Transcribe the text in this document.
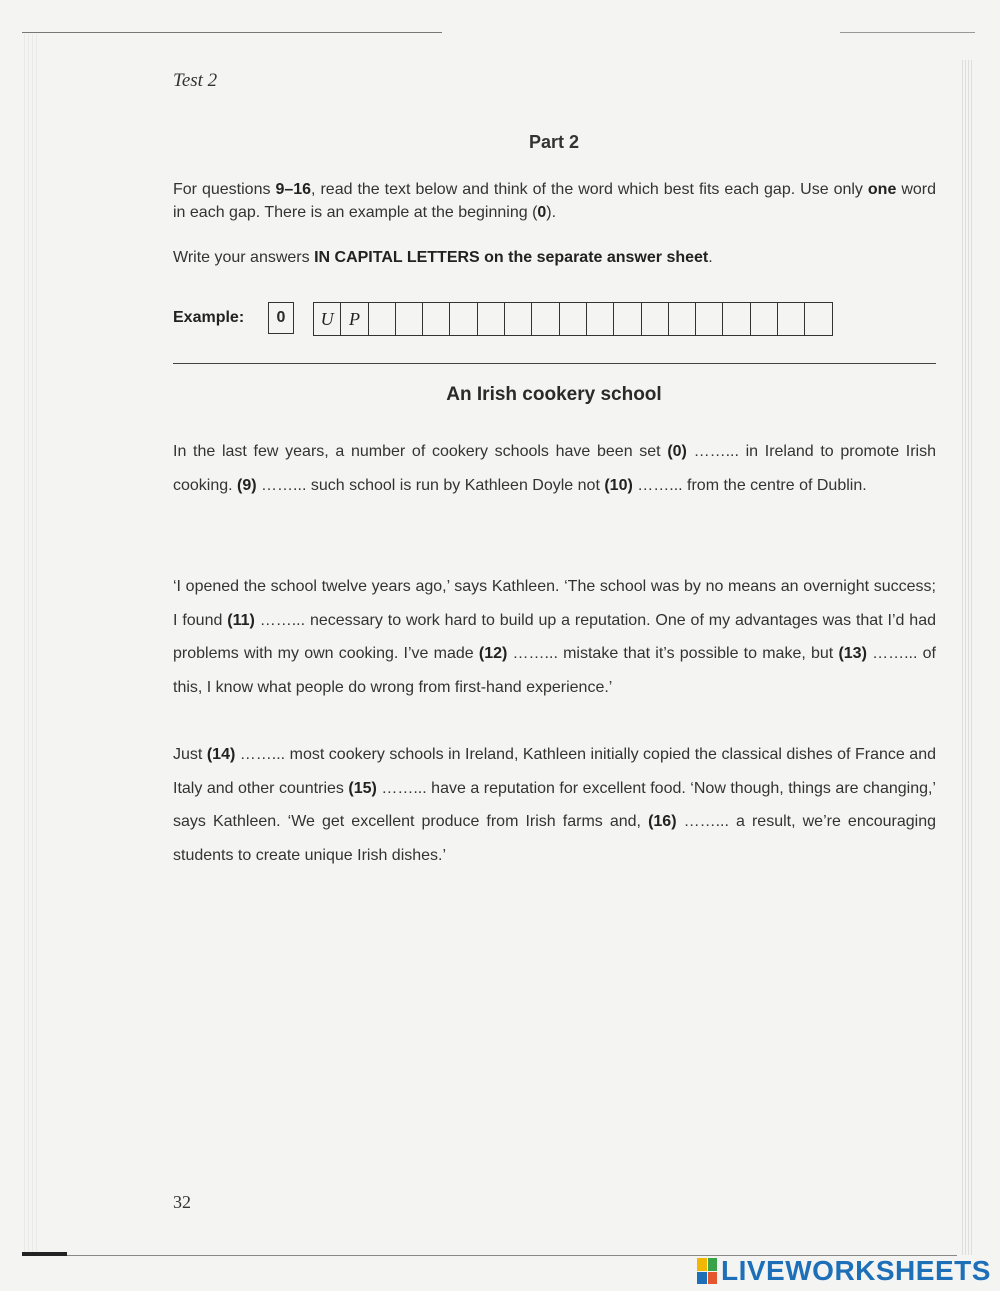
Test 2
Part 2
For questions 9–16, read the text below and think of the word which best fits each gap. Use only one word in each gap. There is an example at the beginning (0).
Write your answers IN CAPITAL LETTERS on the separate answer sheet.
Example:	0	U P
An Irish cookery school
In the last few years, a number of cookery schools have been set (0) ……... in Ireland to promote Irish cooking. (9) ……... such school is run by Kathleen Doyle not (10) ……... from the centre of Dublin.
‘I opened the school twelve years ago,’ says Kathleen. ‘The school was by no means an overnight success; I found (11) ……... necessary to work hard to build up a reputation. One of my advantages was that I’d had problems with my own cooking. I’ve made (12) ……... mistake that it’s possible to make, but (13) ……... of this, I know what people do wrong from first-hand experience.’
Just (14) ……... most cookery schools in Ireland, Kathleen initially copied the classical dishes of France and Italy and other countries (15) ……... have a reputation for excellent food. ‘Now though, things are changing,’ says Kathleen. ‘We get excellent produce from Irish farms and, (16) ……... a result, we’re encouraging students to create unique Irish dishes.’
32
LIVEWORKSHEETS
